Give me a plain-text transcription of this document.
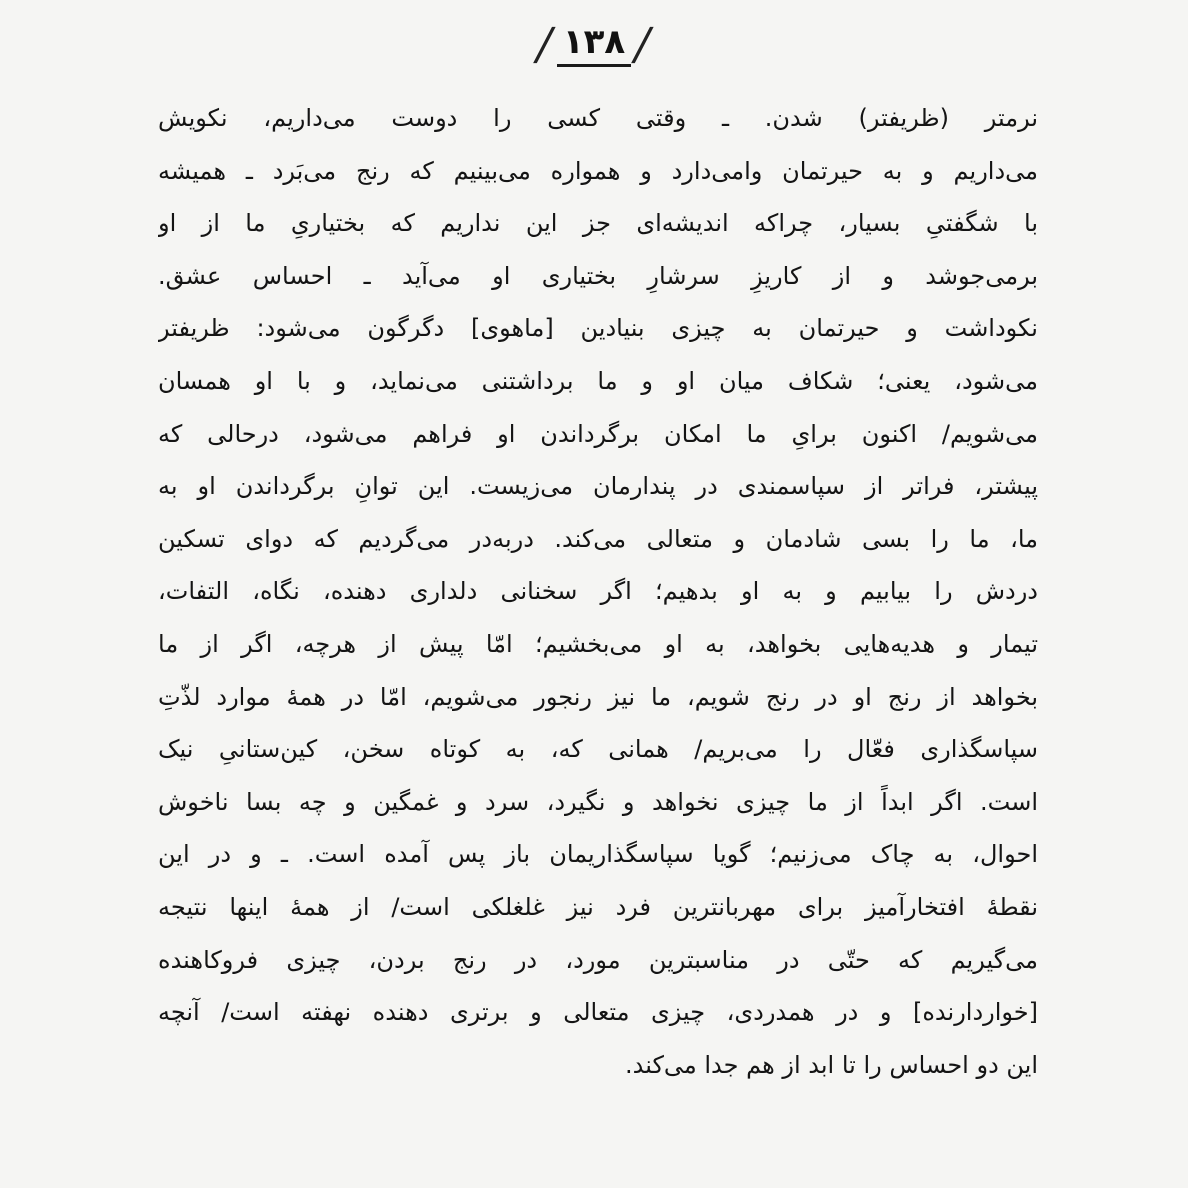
/۱۳۸/
نرمتر (ظریفتر) شدن. ـ وقتی کسی را دوست می‌داریم، نکویش
می‌داریم و به حیرتمان وامی‌دارد و همواره می‌بینیم که رنج می‌بَرد ـ همیشه
با شگفتیِ بسیار، چراکه اندیشه‌ای جز این نداریم که بختیاریِ ما از او
برمی‌جوشد و از کاریزِ سرشارِ بختیاری او می‌آید ـ احساس عشق.
نکوداشت و حیرتمان به چیزی بنیادین [ماهوی] دگرگون می‌شود: ظریفتر
می‌شود، یعنی؛ شکاف میان او و ما برداشتنی می‌نماید، و با او همسان
می‌شویم/ اکنون برایِ ما امکان برگرداندن او فراهم می‌شود، درحالی که
پیشتر، فراتر از سپاسمندی در پندارمان می‌زیست. این توانِ برگرداندن او به
ما، ما را بسی شادمان و متعالی می‌کند. دربه‌در می‌گردیم که دوای تسکین
دردش را بیابیم و به او بدهیم؛ اگر سخنانی دلداری دهنده، نگاه، التفات،
تیمار و هدیه‌هایی بخواهد، به او می‌بخشیم؛ امّا پیش از هرچه، اگر از ما
بخواهد از رنج او در رنج شویم، ما نیز رنجور می‌شویم، امّا در همهٔ موارد لذّتِ
سپاسگذاری فعّال را می‌بریم/ همانی که، به کوتاه سخن، کین‌ستانیِ نیک
است. اگر ابداً از ما چیزی نخواهد و نگیرد، سرد و غمگین و چه بسا ناخوش
احوال، به چاک می‌زنیم؛ گویا سپاسگذاریمان باز پس آمده است. ـ و در این
نقطهٔ افتخارآمیز برای مهربانترین فرد نیز غلغلکی است/ از همهٔ اینها نتیجه
می‌گیریم که حتّی در مناسبترین مورد، در رنج بردن، چیزی فروکاهنده
[خواردارنده] و در همدردی، چیزی متعالی و برتری دهنده نهفته است/ آنچه
این دو احساس را تا ابد از هم جدا می‌کند.
